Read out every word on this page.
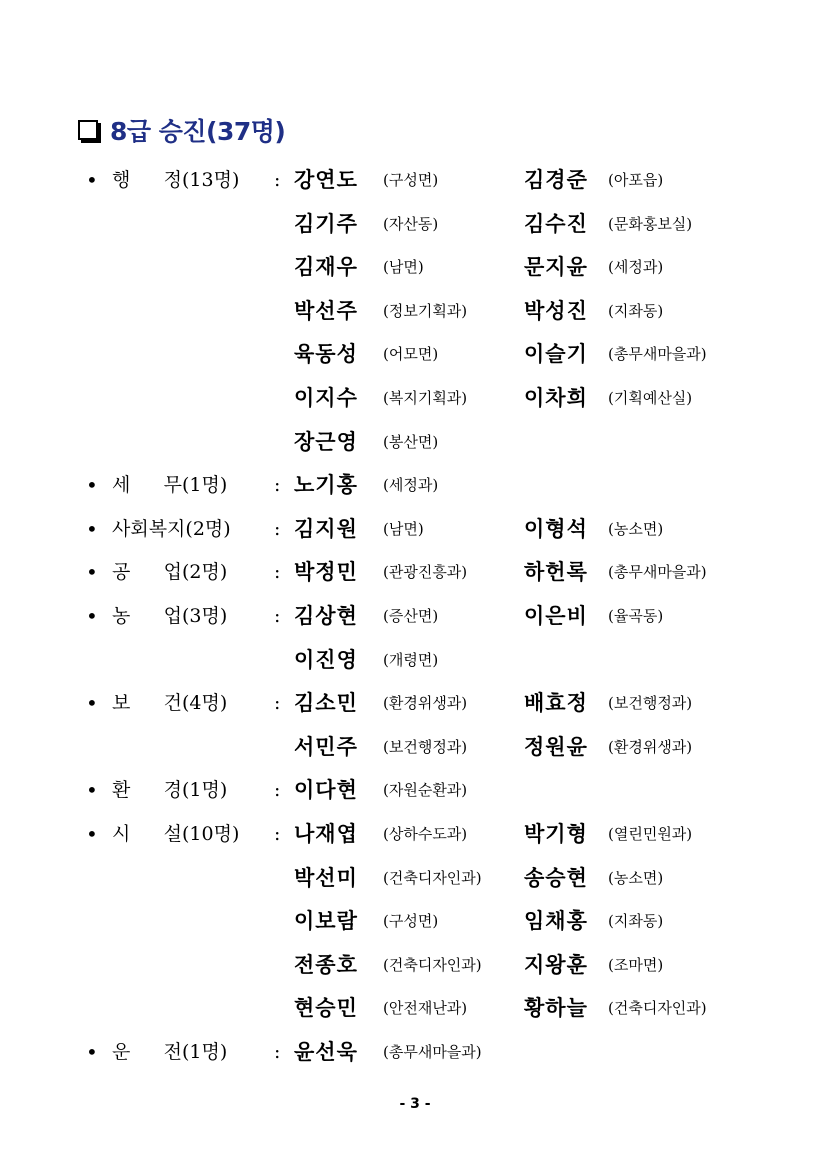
8급 승진(37명)
• 행 정 (13명) : 강연도 (구성면)	김경준 (아포읍)
김기주 (자산동)	김수진 (문화홍보실)
김재우 (남면)	문지윤 (세정과)
박선주 (정보기획과)	박성진 (지좌동)
육동성 (어모면)	이슬기 (총무새마을과)
이지수 (복지기획과)	이차희 (기획예산실)
장근영 (봉산면)
• 세 무 (1명) : 노기홍 (세정과)
• 사회복지 (2명) : 김지원 (남면)	이형석 (농소면)
• 공 업 (2명) : 박정민 (관광진흥과)	하헌록 (총무새마을과)
• 농 업 (3명) : 김상현 (증산면)	이은비 (율곡동)
이진영 (개령면)
• 보 건 (4명) : 김소민 (환경위생과)	배효정 (보건행정과)
서민주 (보건행정과)	정원윤 (환경위생과)
• 환 경 (1명) : 이다현 (자원순환과)
• 시 설 (10명) : 나재엽 (상하수도과)	박기형 (열린민원과)
박선미 (건축디자인과) 송승현 (농소면)
이보람 (구성면)	임채홍 (지좌동)
전종호 (건축디자인과) 지왕훈 (조마면)
현승민 (안전재난과)	황하늘 (건축디자인과)
• 운 전 (1명) : 윤선욱 (총무새마을과)
- 3 -
